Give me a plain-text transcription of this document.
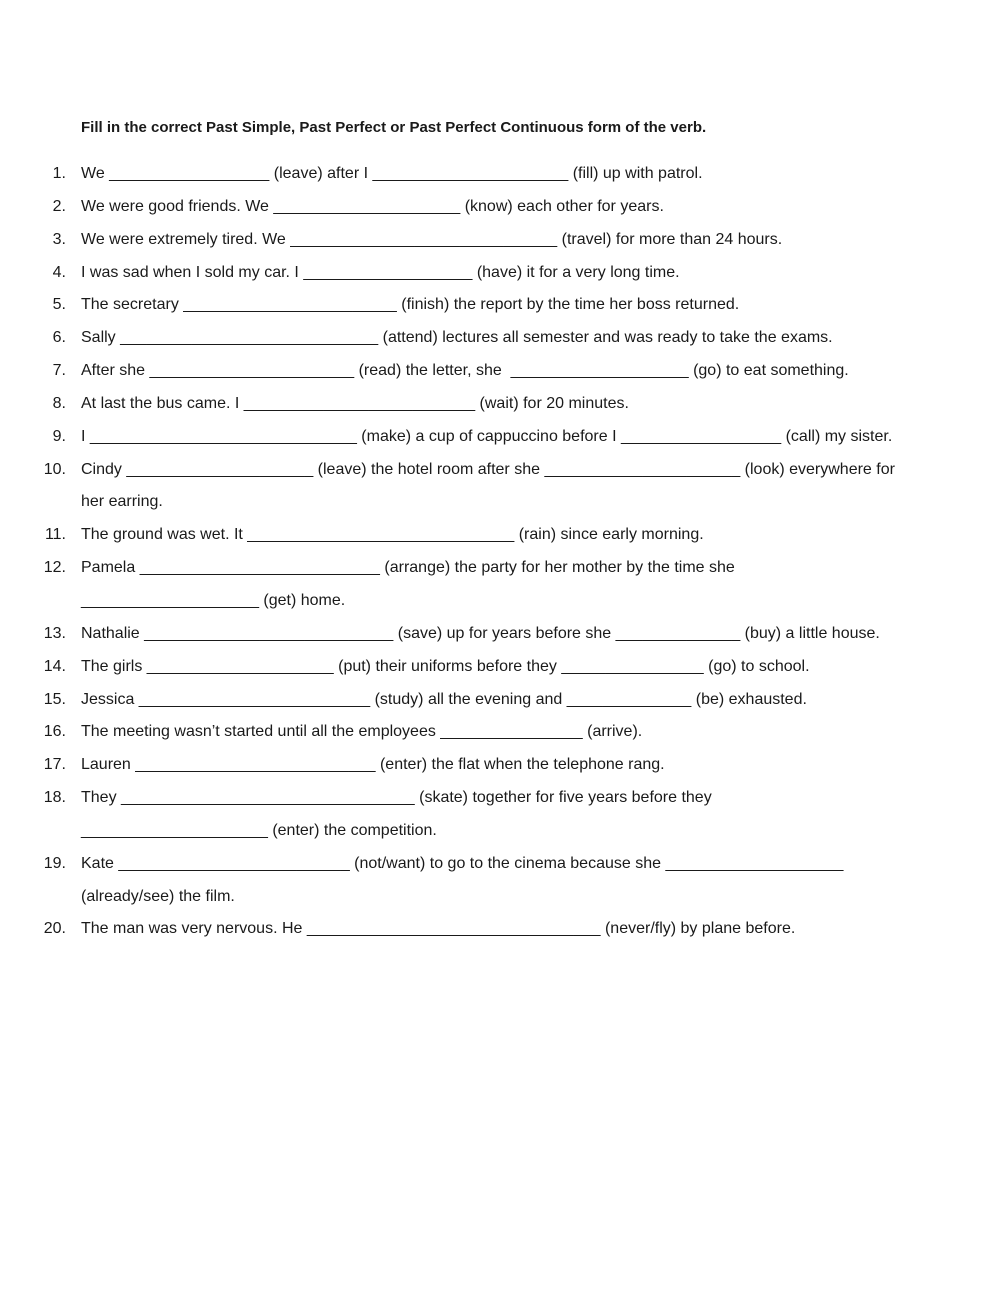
Fill in the correct Past Simple, Past Perfect or Past Perfect Continuous form of the verb.
1. We __________________ (leave) after I ______________________ (fill) up with patrol.
2. We were good friends. We _____________________ (know) each other for years.
3. We were extremely tired. We ______________________________ (travel) for more than 24 hours.
4. I was sad when I sold my car. I ___________________ (have) it for a very long time.
5. The secretary ________________________ (finish) the report by the time her boss returned.
6. Sally _____________________________ (attend) lectures all semester and was ready to take the exams.
7. After she _______________________ (read) the letter, she  ____________________ (go) to eat something.
8. At last the bus came. I __________________________ (wait) for 20 minutes.
9. I ______________________________ (make) a cup of cappuccino before I __________________ (call) my sister.
10. Cindy _____________________ (leave) the hotel room after she ______________________ (look) everywhere for
her earring.
11. The ground was wet. It ______________________________ (rain) since early morning.
12. Pamela ___________________________ (arrange) the party for her mother by the time she
____________________ (get) home.
13. Nathalie ____________________________ (save) up for years before she ______________ (buy) a little house.
14. The girls _____________________ (put) their uniforms before they ________________ (go) to school.
15. Jessica __________________________ (study) all the evening and ______________ (be) exhausted.
16. The meeting wasn’t started until all the employees ________________ (arrive).
17. Lauren ___________________________ (enter) the flat when the telephone rang.
18. They _________________________________ (skate) together for five years before they
_____________________ (enter) the competition.
19. Kate __________________________ (not/want) to go to the cinema because she ____________________
(already/see) the film.
20. The man was very nervous. He _________________________________ (never/fly) by plane before.
